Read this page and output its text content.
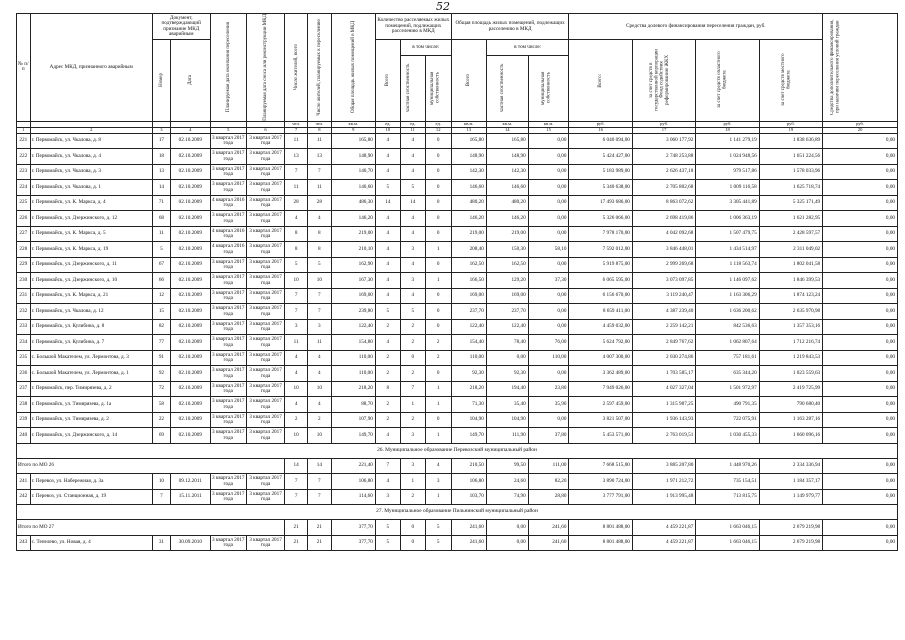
52
№ п/п	Адрес МКД, признанного аварийным	Документ, подтверждающий признание МКД аварийным		Планируемая дата окончания переселения	Планируемая дата сноса или реконструкции МКД	Число жителей, всего	Число жителей, планируемых к переселению	Общая площадь жилых помещений в МКД	Количество расселяемых жилых помещений, подлежащих расселению в МКД			Общая площадь жилых помещений, подлежащих расселению в МКД			Средства долевого финансирования переселения граждан, руб.				Средства дополнительного финансирования, при наличии переселения условий граждан

		Номер	Дата						Всего	в том числе:		Всего	в том числе:		Всего:	за счет средств в государственной корпорации Фонд содействия реформированию ЖКХ	за счет средств областного бюджета	за счет средств местного бюджета	

										частная собственность	муниципальная собственность		частная собственность	муниципальная собственность					

						чел.	чел.	кв.м.	ед.	ед.	ед.	кв.м.	кв.м.	кв.м.	руб.	руб.	руб.	руб.	руб.
1	2	3	4	5	6	7	8	9	10	11	12	13	14	15	16	17	18	19	20
221	г. Первомайск, ул. Чкалова, д. 8	17	02.10.2009	3 квартал 2017 года	3 квартал 2017 года	11	11	165,80	4	4	0	165,80	165,80	0,00	6 040 094,00	3 060 177,92	1 141 279,19	1 838 636,89	0,00
222	г. Первомайск, ул. Чкалова, д. 4	18	02.10.2009	3 квартал 2017 года	3 квартал 2017 года	13	13	148,90	4	4	0	148,90	148,90	0,00	5 424 427,00	2 748 253,88	1 024 948,56	1 651 224,56	0,00
223	г. Первомайск, ул. Чкалова, д. 3	13	02.10.2009	3 квартал 2017 года	3 квартал 2017 года	7	7	146,70	4	4	0	142,30	142,30	0,00	5 183 989,00	2 626 437,18	979 517,86	1 578 033,96	0,00
224	г. Первомайск, ул. Чкалова, д. 1	14	02.10.2009	3 квартал 2017 года	3 квартал 2017 года	11	11	146,60	5	5	0	146,60	146,60	0,00	5 340 638,00	2 705 802,68	1 009 116,58	1 625 718,74	0,00
225	г. Первомайск, ул. К. Маркса, д. 4	71	02.10.2009	4 квартал 2016 года	3 квартал 2017 года	28	28	486,30	14	14	0	480,20	480,20	0,00	17 493 686,00	8 863 072,62	3 305 441,89	5 325 171,49	0,00
226	г. Первомайск, ул. Дзержинского, д. 12	68	02.10.2009	3 квартал 2017 года	3 квартал 2017 года	4	4	146,20	4	4	0	146,20	146,20	0,00	5 326 066,00	2 698 419,86	1 006 363,19	1 621 282,95	0,00
227	г. Первомайск, ул. К. Маркса, д. 5	11	02.10.2009	4 квартал 2016 года	3 квартал 2017 года	8	8	219,00	4	4	0	219,00	219,00	0,00	7 978 170,00	4 042 092,68	1 507 479,75	2 428 597,57	0,00
228	г. Первомайск, ул. К. Маркса, д. 19	5	02.10.2009	4 квартал 2016 года	3 квартал 2017 года	8	8	210,10	4	3	1	208,40	150,30	58,10	7 592 012,00	3 846 448,01	1 434 514,97	2 311 049,02	0,00
229	г. Первомайск, ул. Дзержинского, д. 11	67	02.10.2009	3 квартал 2017 года	3 квартал 2017 года	5	5	162,90	4	4	0	162,50	162,50	0,00	5 919 875,00	2 999 269,68	1 118 563,74	1 802 041,58	0,00
230	г. Первомайск, ул. Дзержинского, д. 10	66	02.10.2009	3 квартал 2017 года	3 квартал 2017 года	10	10	167,30	4	3	1	166,50	129,20	37,30	6 065 595,00	3 073 097,85	1 146 097,62	1 846 399,53	0,00
231	г. Первомайск, ул. К. Маркса, д. 21	12	02.10.2009	3 квартал 2017 года	3 квартал 2017 года	7	7	169,00	4	4	0	169,00	169,00	0,00	6 156 670,00	3 119 240,47	1 163 306,29	1 874 123,24	0,00
232	г. Первомайск, ул. Чкалова, д. 12	15	02.10.2009	3 квартал 2017 года	3 квартал 2017 года	7	7	239,80	5	5	0	237,70	237,70	0,00	8 659 411,00	4 387 239,40	1 636 200,62	2 635 970,98	0,00
233	г. Первомайск, ул. Кулибина, д. 8	82	02.10.2009	3 квартал 2017 года	3 квартал 2017 года	3	3	122,40	2	2	0	122,40	122,40	0,00	4 459 032,00	2 259 142,21	842 536,63	1 357 353,16	0,00
234	г. Первомайск, ул. Кулибина, д. 7	77	02.10.2009	3 квартал 2017 года	3 квартал 2017 года	11	11	154,80	4	2	2	154,40	78,40	76,00	5 624 792,00	2 849 767,62	1 062 807,64	1 712 216,74	0,00
235	с. Большой Макателем, ул. Лермонтова, д. 3	91	02.10.2009	3 квартал 2017 года	3 квартал 2017 года	4	4	110,00	2	0	2	110,00	0,00	110,00	4 007 300,00	2 030 274,86	757 181,61	1 219 843,53	0,00
236	с. Большой Макателем, ул. Лермонтова, д. 1	92	02.10.2009	3 квартал 2017 года	3 квартал 2017 года	4	4	110,00	2	2	0	92,30	92,30	0,00	3 362 489,00	1 703 585,17	635 344,20	1 023 559,63	0,00
237	г. Первомайск, пер. Тимирязева, д. 2	72	02.10.2009	3 квартал 2017 года	3 квартал 2017 года	10	10	218,20	8	7	1	218,20	194,40	23,80	7 949 026,00	4 027 327,04	1 501 972,97	2 419 725,99	0,00
238	г. Первомайск, ул. Тимирязева, д. 1а	58	02.10.2009	3 квартал 2017 года	3 квартал 2017 года	4	4	88,70	2	1	1	71,30	35,40	35,90	2 597 459,00	1 315 987,25	490 791,35	790 680,40	0,00
239	г. Первомайск, ул. Тимирязева, д. 2	22	02.10.2009	3 квартал 2017 года	3 квартал 2017 года	2	2	107,90	2	2	0	104,90	104,90	0,00	3 821 507,00	1 936 143,93	722 075,91	1 163 287,16	0,00
240	г. Первомайск, ул. Дзержинского, д. 14	69	02.10.2009	3 квартал 2017 года	3 квартал 2017 года	10	10	149,70	4	3	1	149,70	111,90	37,80	5 453 571,00	2 763 019,51	1 030 455,33	1 660 096,16	0,00
26. Муниципальное образование Перевозский муниципальный район																			
Итого по МО 26						14	14	221,40	7	3	4	210,50	99,50	111,00	7 668 515,00	3 885 207,80	1 448 970,26	2 334 336,94	0,00
241	г. Перевоз, ул. Набережная, д. 3а	10	09.12.2011	3 квартал 2017 года	3 квартал 2017 года	7	7	106,80	4	1	3	106,80	24,60	82,20	3 890 724,00	1 971 212,72	735 154,51	1 184 357,17	0,00
242	г. Перевоз, ул. Станционная, д. 19	7	15.11.2011	3 квартал 2017 года	3 квартал 2017 года	7	7	114,60	3	2	1	103,70	74,90	28,80	3 777 791,00	1 913 995,48	713 815,75	1 149 979,77	0,00
27. Муниципальное образование Пильнинский муниципальный район																			
Итого по МО 27						21	21	377,70	5	0	5	241,60	0,00	241,60	8 801 488,00	4 459 221,87	1 663 046,15	2 679 219,98	0,00
243	с. Тепелево, ул. Новая, д. 4	31	30.09.2010	3 квартал 2017 года	3 квартал 2017 года	21	21	377,70	5	0	5	241,60	0,00	241,60	8 801 488,00	4 459 221,87	1 663 046,15	2 679 219,98	0,00
